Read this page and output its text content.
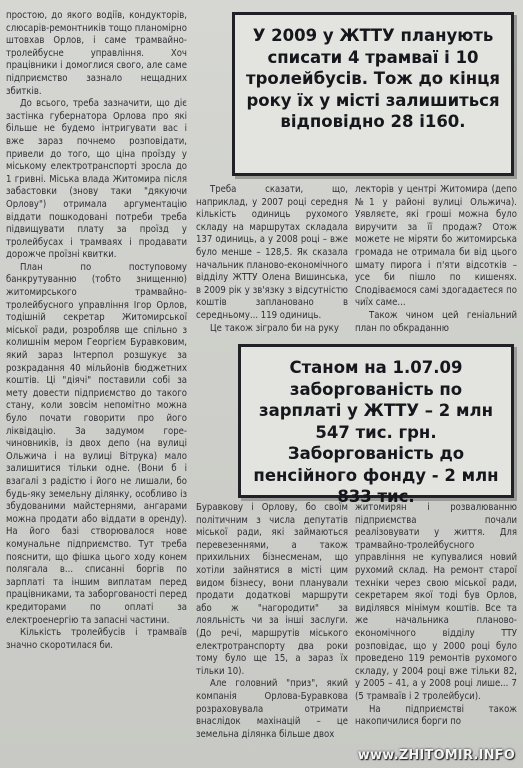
простою, до якого водіїв, кондукторів, слюсарів-ремонтників тощо планомірно штовхав Орлов, і саме трамвайно-тролейбусне управління. Хоч працівники і домоглися свого, але саме підприємство зазнало нещадних збитків.

До всього, треба зазначити, що діє застінка губернатора Орлова про які більше не будемо інтригувати вас і вже зараз почнемо розповідати, привели до того, що ціна проїзду у міському електротранспорті зросла до 1 гривні. Міська влада Житомира після забастовки (знову таки "дякуючи Орлову") отримала аргументацію віддати пошкодовані потреби треба підвищувати плату за проїзд у тролейбусах і трамваях і продавати дорожче проїзні квитки.

План по поступовому банкрутуванню (тобто знищенню) житомирського трамвайно-тролейбусного управління Ігор Орлов, тодішній секретар Житомирської міської ради, розробляв ще спільно з колишнім мером Георгієм Буравковим, який зараз Інтерпол розшукує за розкрадання 40 мільйонів бюджетних коштів. Ці "діячі" поставили собі за мету довести підприємство до такого стану, коли зовсім непомітно можна було почати говорити про його ліквідацію. За задумом горе-чиновників, із двох депо (на вулиці Ольжича і на вулиці Вітрука) мало залишитися тільки одне. (Вони б і взагалі з радістю і його не лишали, бо будь-яку земельну ділянку, особливо із збудованими майстернями, ангарами можна продати або віддати в оренду). На його базі створювалося нове комунальне підприємство. Тут треба пояснити, що фішка цього ходу конем полягала в... списанні боргів по зарплаті та іншим виплатам перед працівниками, та заборгованості перед кредиторами по оплаті за електроенергію та запасні частини.

Кількість тролейбусів і трамваїв значно скоротилася би.

У 2009 у ЖТТУ планують списати 4 трамваї і 10 тролейбусів. Тож до кінця року їх у місті залишиться відповідно 28 і160.

Треба сказати, що, наприклад, у 2007 році середня кількість одиниць рухомого складу на маршрутах складала 137 одиниць, а у 2008 році – вже було менше – 128,5. Як сказала начальник планово-економічного відділу ЖТТУ Олена Вишинська, в 2009 рік у зв'язку з відсутністю коштів заплановано в середньому... 119 одиниць.

Це також зіграло би на руку

лекторів у центрі Житомира (депо №1 у районі вулиці Ольжича). Уявляєте, які гроші можна було виручити за її продаж? Отож можете не міряти бо житомирська громада не отримала би від цього шмату пирога і п'яти відсотків – усе би пішло по кишенях. Сподіваємося самі здогадаєтеся по чиїх саме...

Також чином цей геніальний план по обкраданню

Станом на 1.07.09 заборгованість по зарплаті у ЖТТУ – 2 млн 547 тис. грн. Заборгованість до пенсійного фонду - 2 млн 833 тис.

Буравкову і Орлову, бо своїм політичним з числа депутатів міської ради, які займаються перевезеннями, а також прихильних бізнесменам, що хотіли зайнятися в місті цим видом бізнесу, вони планували продати додаткові маршрути або ж "нагородити" за лояльність чи за інші заслуги. (До речі, маршрутів міського електротранспорту два роки тому було ще 15, а зараз їх тільки 10).

Але головний "приз", який компанія Орлова-Буравкова розраховувала отримати внаслідок махінацій – це земельна ділянка більше двох

житомирян і розвалюванню підприємства почали реалізовувати у життя. Для трамвайно-тролейбусного управління не купувалися новий рухомий склад. На ремонт старої техніки через свою міської ради, секретарем якої тоді був Орлов, виділявся мінімум коштів. Все та же начальника планово-економічного відділу ТТУ розповідає, що у 2000 році було проведено 119 ремонтів рухомого складу, у 2004 році вже тільки 82, у 2005 – 41, а у 2008 році лише... 7 (5 трамваїв і 2 тролейбуси).

На підприємстві також накопичилися борги по

www.ZHITOMIR.INFO
